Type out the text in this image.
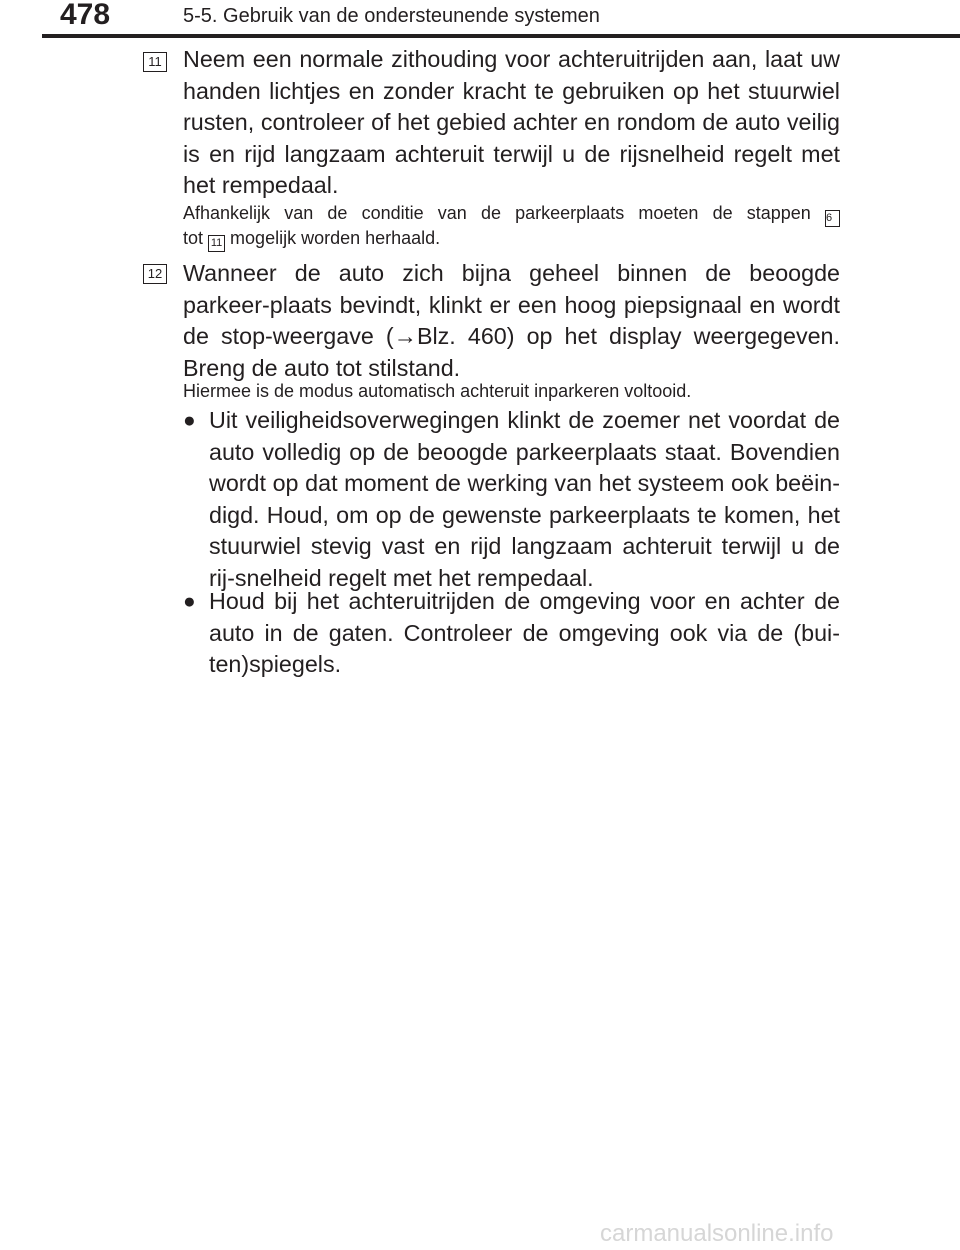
478	5-5. Gebruik van de ondersteunende systemen
11 Neem een normale zithouding voor achteruitrijden aan, laat uw handen lichtjes en zonder kracht te gebruiken op het stuurwiel rusten, controleer of het gebied achter en rondom de auto veilig is en rijd langzaam achteruit terwijl u de rijsnelheid regelt met het rempedaal.
Afhankelijk van de conditie van de parkeerplaats moeten de stappen 6
tot 11 mogelijk worden herhaald.
12 Wanneer de auto zich bijna geheel binnen de beoogde parkeer-plaats bevindt, klinkt er een hoog piepsignaal en wordt de stop-weergave (→Blz. 460) op het display weergegeven. Breng de auto tot stilstand.
Hiermee is de modus automatisch achteruit inparkeren voltooid.
● Uit veiligheidsoverwegingen klinkt de zoemer net voordat de auto volledig op de beoogde parkeerplaats staat. Bovendien wordt op dat moment de werking van het systeem ook beëin-digd. Houd, om op de gewenste parkeerplaats te komen, het stuurwiel stevig vast en rijd langzaam achteruit terwijl u de rij-snelheid regelt met het rempedaal.
● Houd bij het achteruitrijden de omgeving voor en achter de auto in de gaten. Controleer de omgeving ook via de (bui-ten)spiegels.
carmanualsonline.info
